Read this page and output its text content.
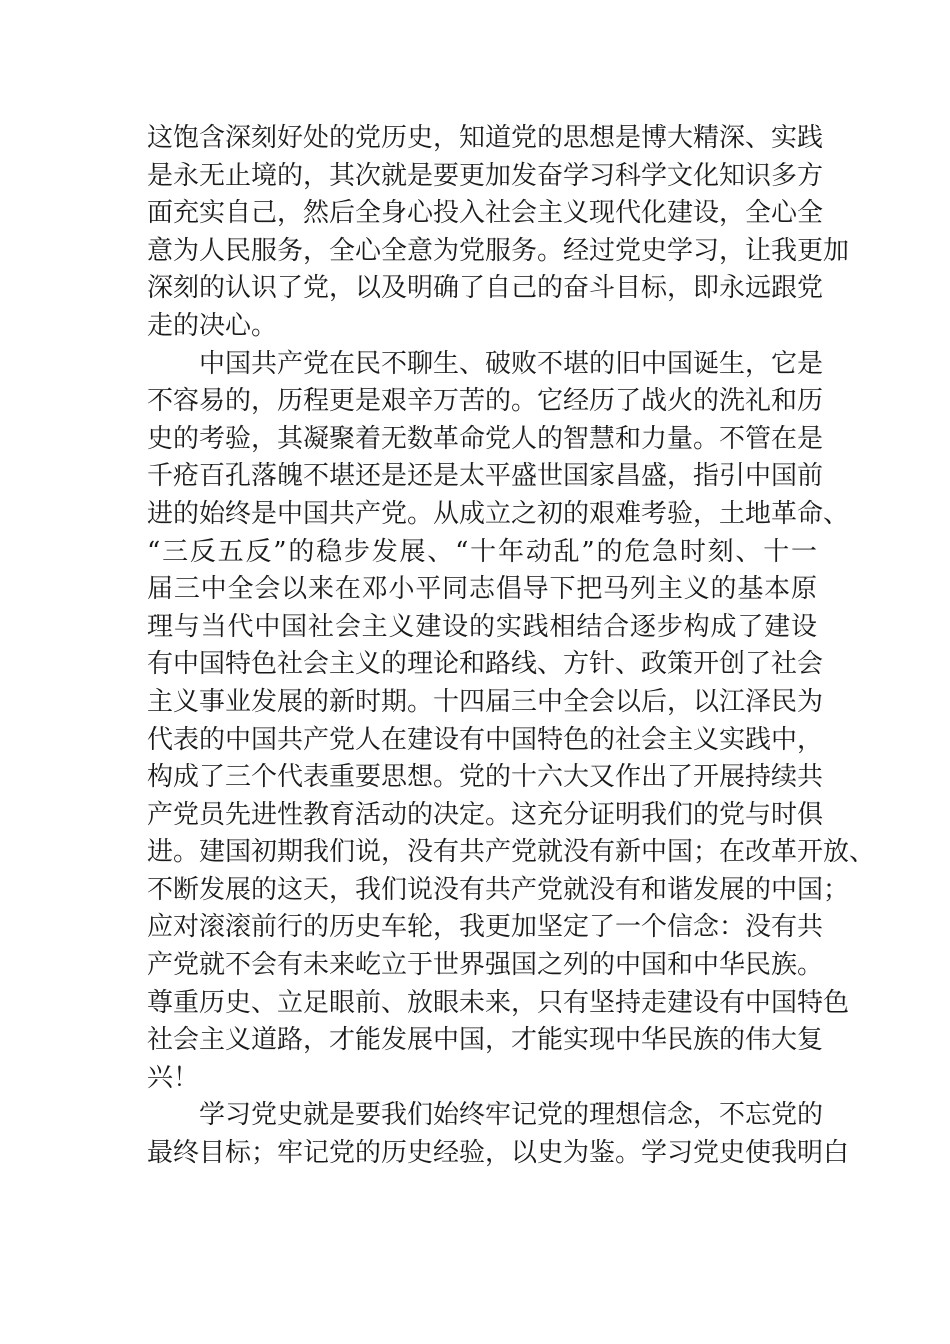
这饱含深刻好处的党历史，知道党的思想是博大精深、实践
是永无止境的，其次就是要更加发奋学习科学文化知识多方
面充实自己，然后全身心投入社会主义现代化建设，全心全
意为人民服务，全心全意为党服务。经过党史学习，让我更加
深刻的认识了党，以及明确了自己的奋斗目标，即永远跟党
走的决心。
中国共产党在民不聊生、破败不堪的旧中国诞生，它是
不容易的，历程更是艰辛万苦的。它经历了战火的洗礼和历
史的考验，其凝聚着无数革命党人的智慧和力量。不管在是
千疮百孔落魄不堪还是还是太平盛世国家昌盛，指引中国前
进的始终是中国共产党。从成立之初的艰难考验，土地革命、
“三反五反”的稳步发展、“十年动乱”的危急时刻、十一
届三中全会以来在邓小平同志倡导下把马列主义的基本原
理与当代中国社会主义建设的实践相结合逐步构成了建设
有中国特色社会主义的理论和路线、方针、政策开创了社会
主义事业发展的新时期。十四届三中全会以后，以江泽民为
代表的中国共产党人在建设有中国特色的社会主义实践中，
构成了三个代表重要思想。党的十六大又作出了开展持续共
产党员先进性教育活动的决定。这充分证明我们的党与时俱
进。建国初期我们说，没有共产党就没有新中国；在改革开放、
不断发展的这天，我们说没有共产党就没有和谐发展的中国；
应对滚滚前行的历史车轮，我更加坚定了一个信念：没有共
产党就不会有未来屹立于世界强国之列的中国和中华民族。
尊重历史、立足眼前、放眼未来，只有坚持走建设有中国特色
社会主义道路，才能发展中国，才能实现中华民族的伟大复
兴！
学习党史就是要我们始终牢记党的理想信念，不忘党的
最终目标；牢记党的历史经验，以史为鉴。学习党史使我明白
